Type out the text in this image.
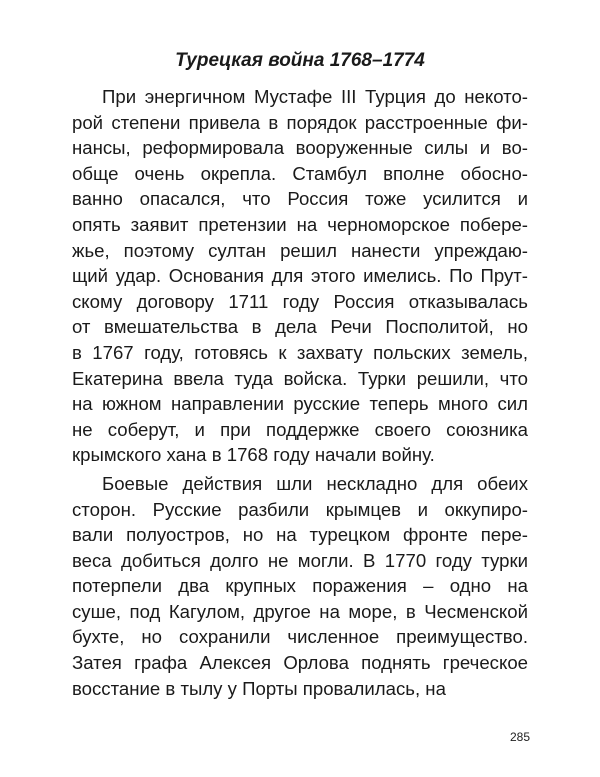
Турецкая война 1768–1774
При энергичном Мустафе III Турция до некото-
рой степени привела в порядок расстроенные фи-
нансы, реформировала вооруженные силы и во-
обще очень окрепла. Стамбул вполне обосно-
ванно опасался, что Россия тоже усилится и
опять заявит претензии на черноморское побере-
жье, поэтому султан решил нанести упреждаю-
щий удар. Основания для этого имелись. По Прут-
скому договору 1711 году Россия отказывалась
от вмешательства в дела Речи Посполитой, но
в 1767 году, готовясь к захвату польских земель,
Екатерина ввела туда войска. Турки решили, что
на южном направлении русские теперь много сил
не соберут, и при поддержке своего союзника
крымского хана в 1768 году начали войну.
Боевые действия шли нескладно для обеих
сторон. Русские разбили крымцев и оккупиро-
вали полуостров, но на турецком фронте пере-
веса добиться долго не могли. В 1770 году турки
потерпели два крупных поражения – одно на
суше, под Кагулом, другое на море, в Чесменской
бухте, но сохранили численное преимущество.
Затея графа Алексея Орлова поднять греческое
восстание в тылу у Порты провалилась, на
285
